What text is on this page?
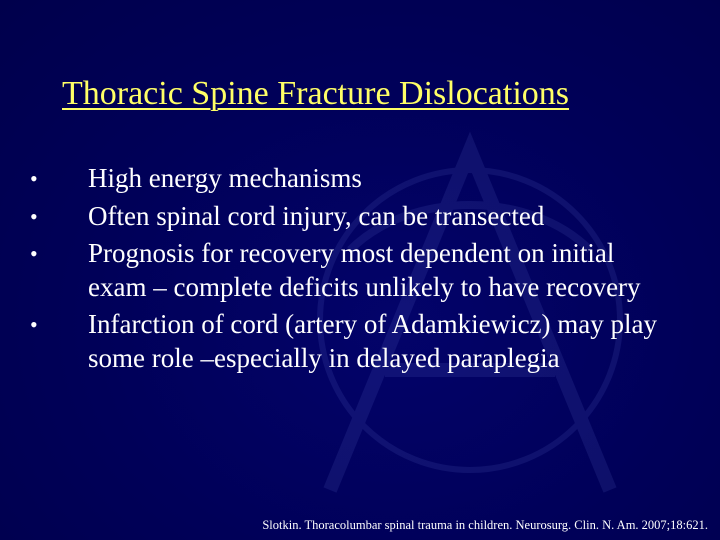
Thoracic Spine Fracture Dislocations
•	High energy mechanisms
•	Often spinal cord injury, can be transected
•	Prognosis for recovery most dependent on initial exam – complete deficits unlikely to have recovery
•	Infarction of cord (artery of Adamkiewicz) may play some role –especially in delayed paraplegia
Slotkin. Thoracolumbar spinal trauma in children. Neurosurg. Clin. N. Am. 2007;18:621.
